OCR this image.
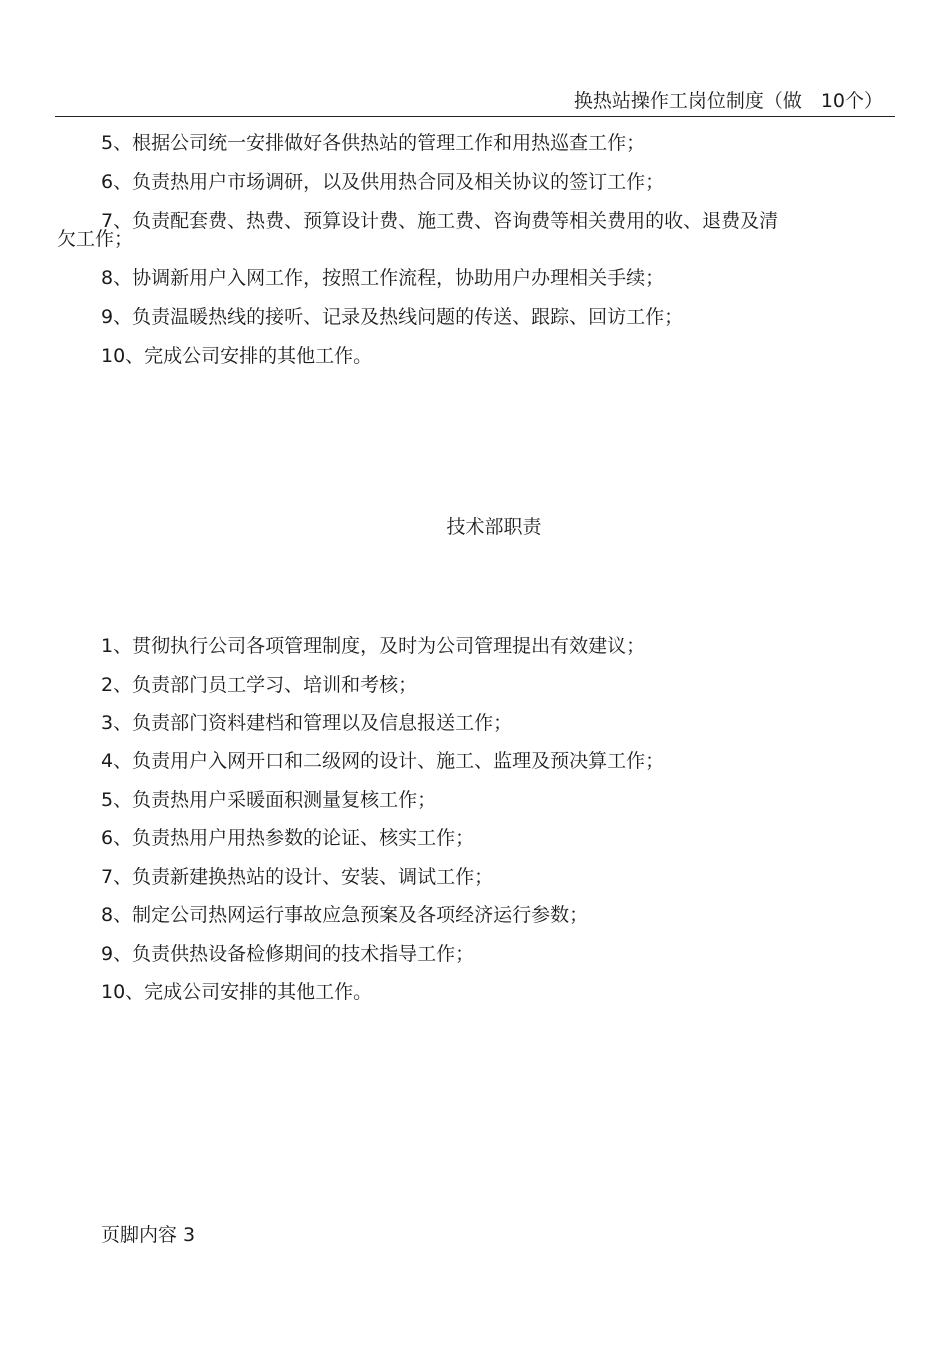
换热站操作工岗位制度（做　10个）
5、根据公司统一安排做好各供热站的管理工作和用热巡查工作；
6、负责热用户市场调研，以及供用热合同及相关协议的签订工作；
7、负责配套费、热费、预算设计费、施工费、咨询费等相关费用的收、退费及清
欠工作；
8、协调新用户入网工作，按照工作流程，协助用户办理相关手续；
9、负责温暖热线的接听、记录及热线问题的传送、跟踪、回访工作；
10、完成公司安排的其他工作。
技术部职责
1、贯彻执行公司各项管理制度，及时为公司管理提出有效建议；
2、负责部门员工学习、培训和考核；
3、负责部门资料建档和管理以及信息报送工作；
4、负责用户入网开口和二级网的设计、施工、监理及预决算工作；
5、负责热用户采暖面积测量复核工作；
6、负责热用户用热参数的论证、核实工作；
7、负责新建换热站的设计、安装、调试工作；
8、制定公司热网运行事故应急预案及各项经济运行参数；
9、负责供热设备检修期间的技术指导工作；
10、完成公司安排的其他工作。
页脚内容 3
